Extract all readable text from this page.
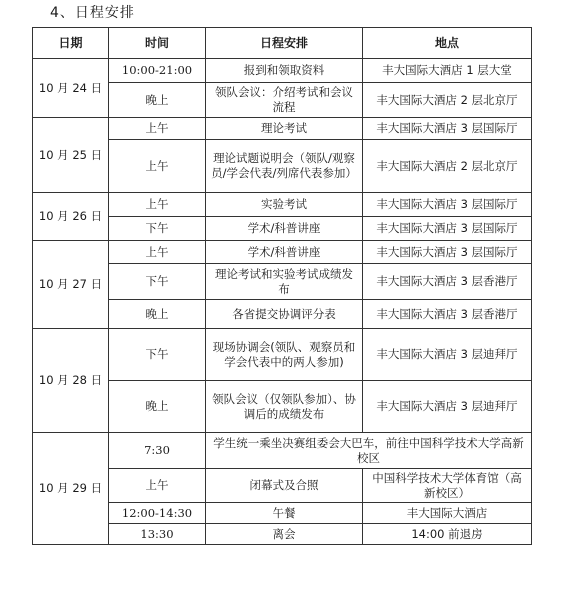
4、日程安排
日期	时间	日程安排	地点
10 月 24 日	10:00-21:00	报到和领取资料	丰大国际大酒店 1 层大堂
	晚上	领队会议：介绍考试和会议流程	丰大国际大酒店 2 层北京厅
10 月 25 日	上午	理论考试	丰大国际大酒店 3 层国际厅
	上午	理论试题说明会（领队/观察员/学会代表/列席代表参加）	丰大国际大酒店 2 层北京厅
10 月 26 日	上午	实验考试	丰大国际大酒店 3 层国际厅
	下午	学术/科普讲座	丰大国际大酒店 3 层国际厅
10 月 27 日	上午	学术/科普讲座	丰大国际大酒店 3 层国际厅
	下午	理论考试和实验考试成绩发布	丰大国际大酒店 3 层香港厅
	晚上	各省提交协调评分表	丰大国际大酒店 3 层香港厅
10 月 28 日	下午	现场协调会(领队、观察员和学会代表中的两人参加)	丰大国际大酒店 3 层迪拜厅
	晚上	领队会议（仅领队参加）、协调后的成绩发布	丰大国际大酒店 3 层迪拜厅
10 月 29 日	7:30	学生统一乘坐决赛组委会大巴车，前往中国科学技术大学高新校区	
	上午	闭幕式及合照	中国科学技术大学体育馆（高新校区）
	12:00-14:30	午餐	丰大国际大酒店
	13:30	离会	14:00 前退房
